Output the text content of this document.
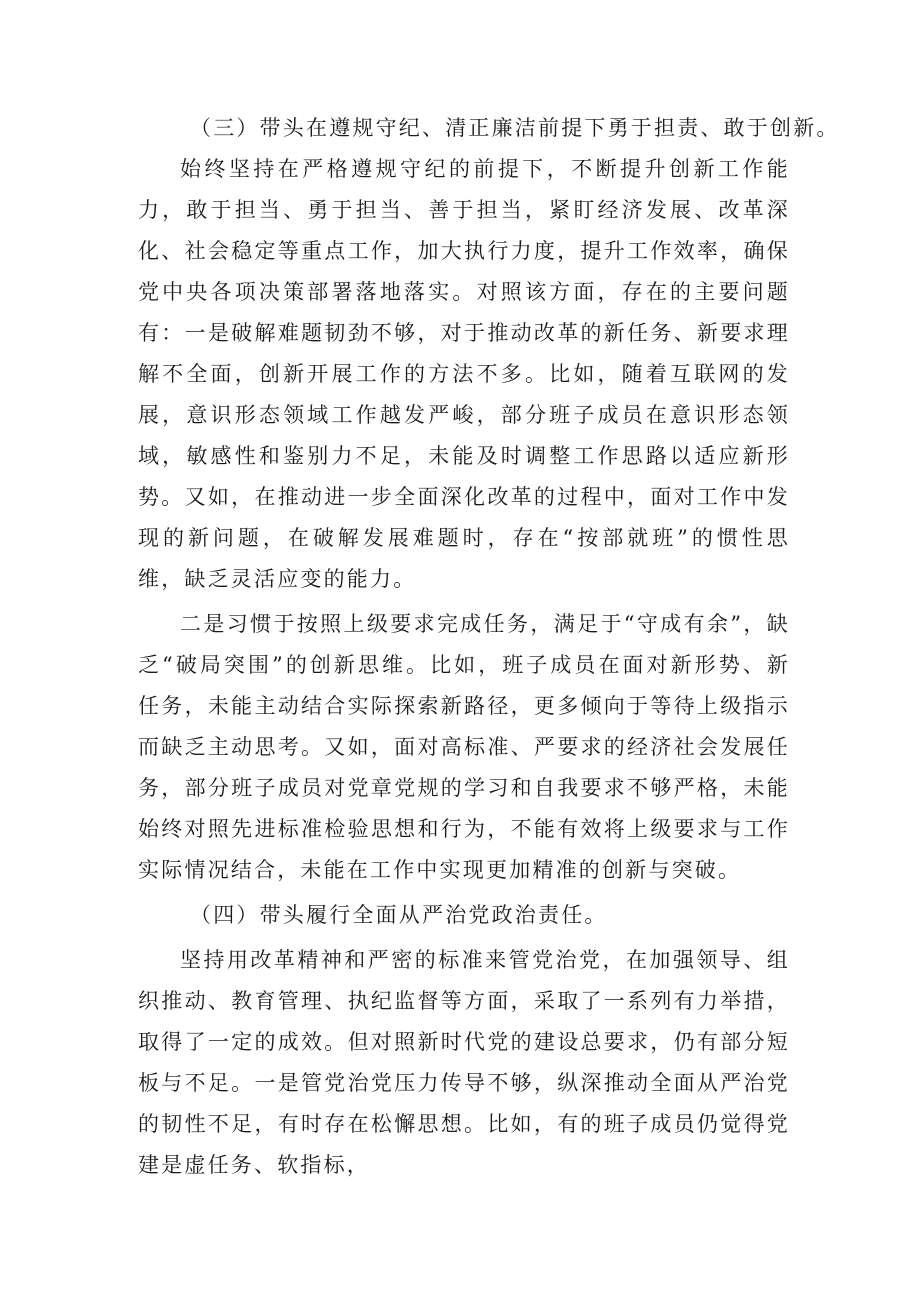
（三）带头在遵规守纪、清正廉洁前提下勇于担责、敢于创新。

始终坚持在严格遵规守纪的前提下，不断提升创新工作能力，敢于担当、勇于担当、善于担当，紧盯经济发展、改革深化、社会稳定等重点工作，加大执行力度，提升工作效率，确保党中央各项决策部署落地落实。对照该方面，存在的主要问题有：一是破解难题韧劲不够，对于推动改革的新任务、新要求理解不全面，创新开展工作的方法不多。比如，随着互联网的发展，意识形态领域工作越发严峻，部分班子成员在意识形态领域，敏感性和鉴别力不足，未能及时调整工作思路以适应新形势。又如，在推动进一步全面深化改革的过程中，面对工作中发现的新问题，在破解发展难题时，存在“按部就班”的惯性思维，缺乏灵活应变的能力。

二是习惯于按照上级要求完成任务，满足于“守成有余”，缺乏“破局突围”的创新思维。比如，班子成员在面对新形势、新任务，未能主动结合实际探索新路径，更多倾向于等待上级指示而缺乏主动思考。又如，面对高标准、严要求的经济社会发展任务，部分班子成员对党章党规的学习和自我要求不够严格，未能始终对照先进标准检验思想和行为，不能有效将上级要求与工作实际情况结合，未能在工作中实现更加精准的创新与突破。

（四）带头履行全面从严治党政治责任。

坚持用改革精神和严密的标准来管党治党，在加强领导、组织推动、教育管理、执纪监督等方面，采取了一系列有力举措，取得了一定的成效。但对照新时代党的建设总要求，仍有部分短板与不足。一是管党治党压力传导不够，纵深推动全面从严治党的韧性不足，有时存在松懈思想。比如，有的班子成员仍觉得党建是虚任务、软指标，
